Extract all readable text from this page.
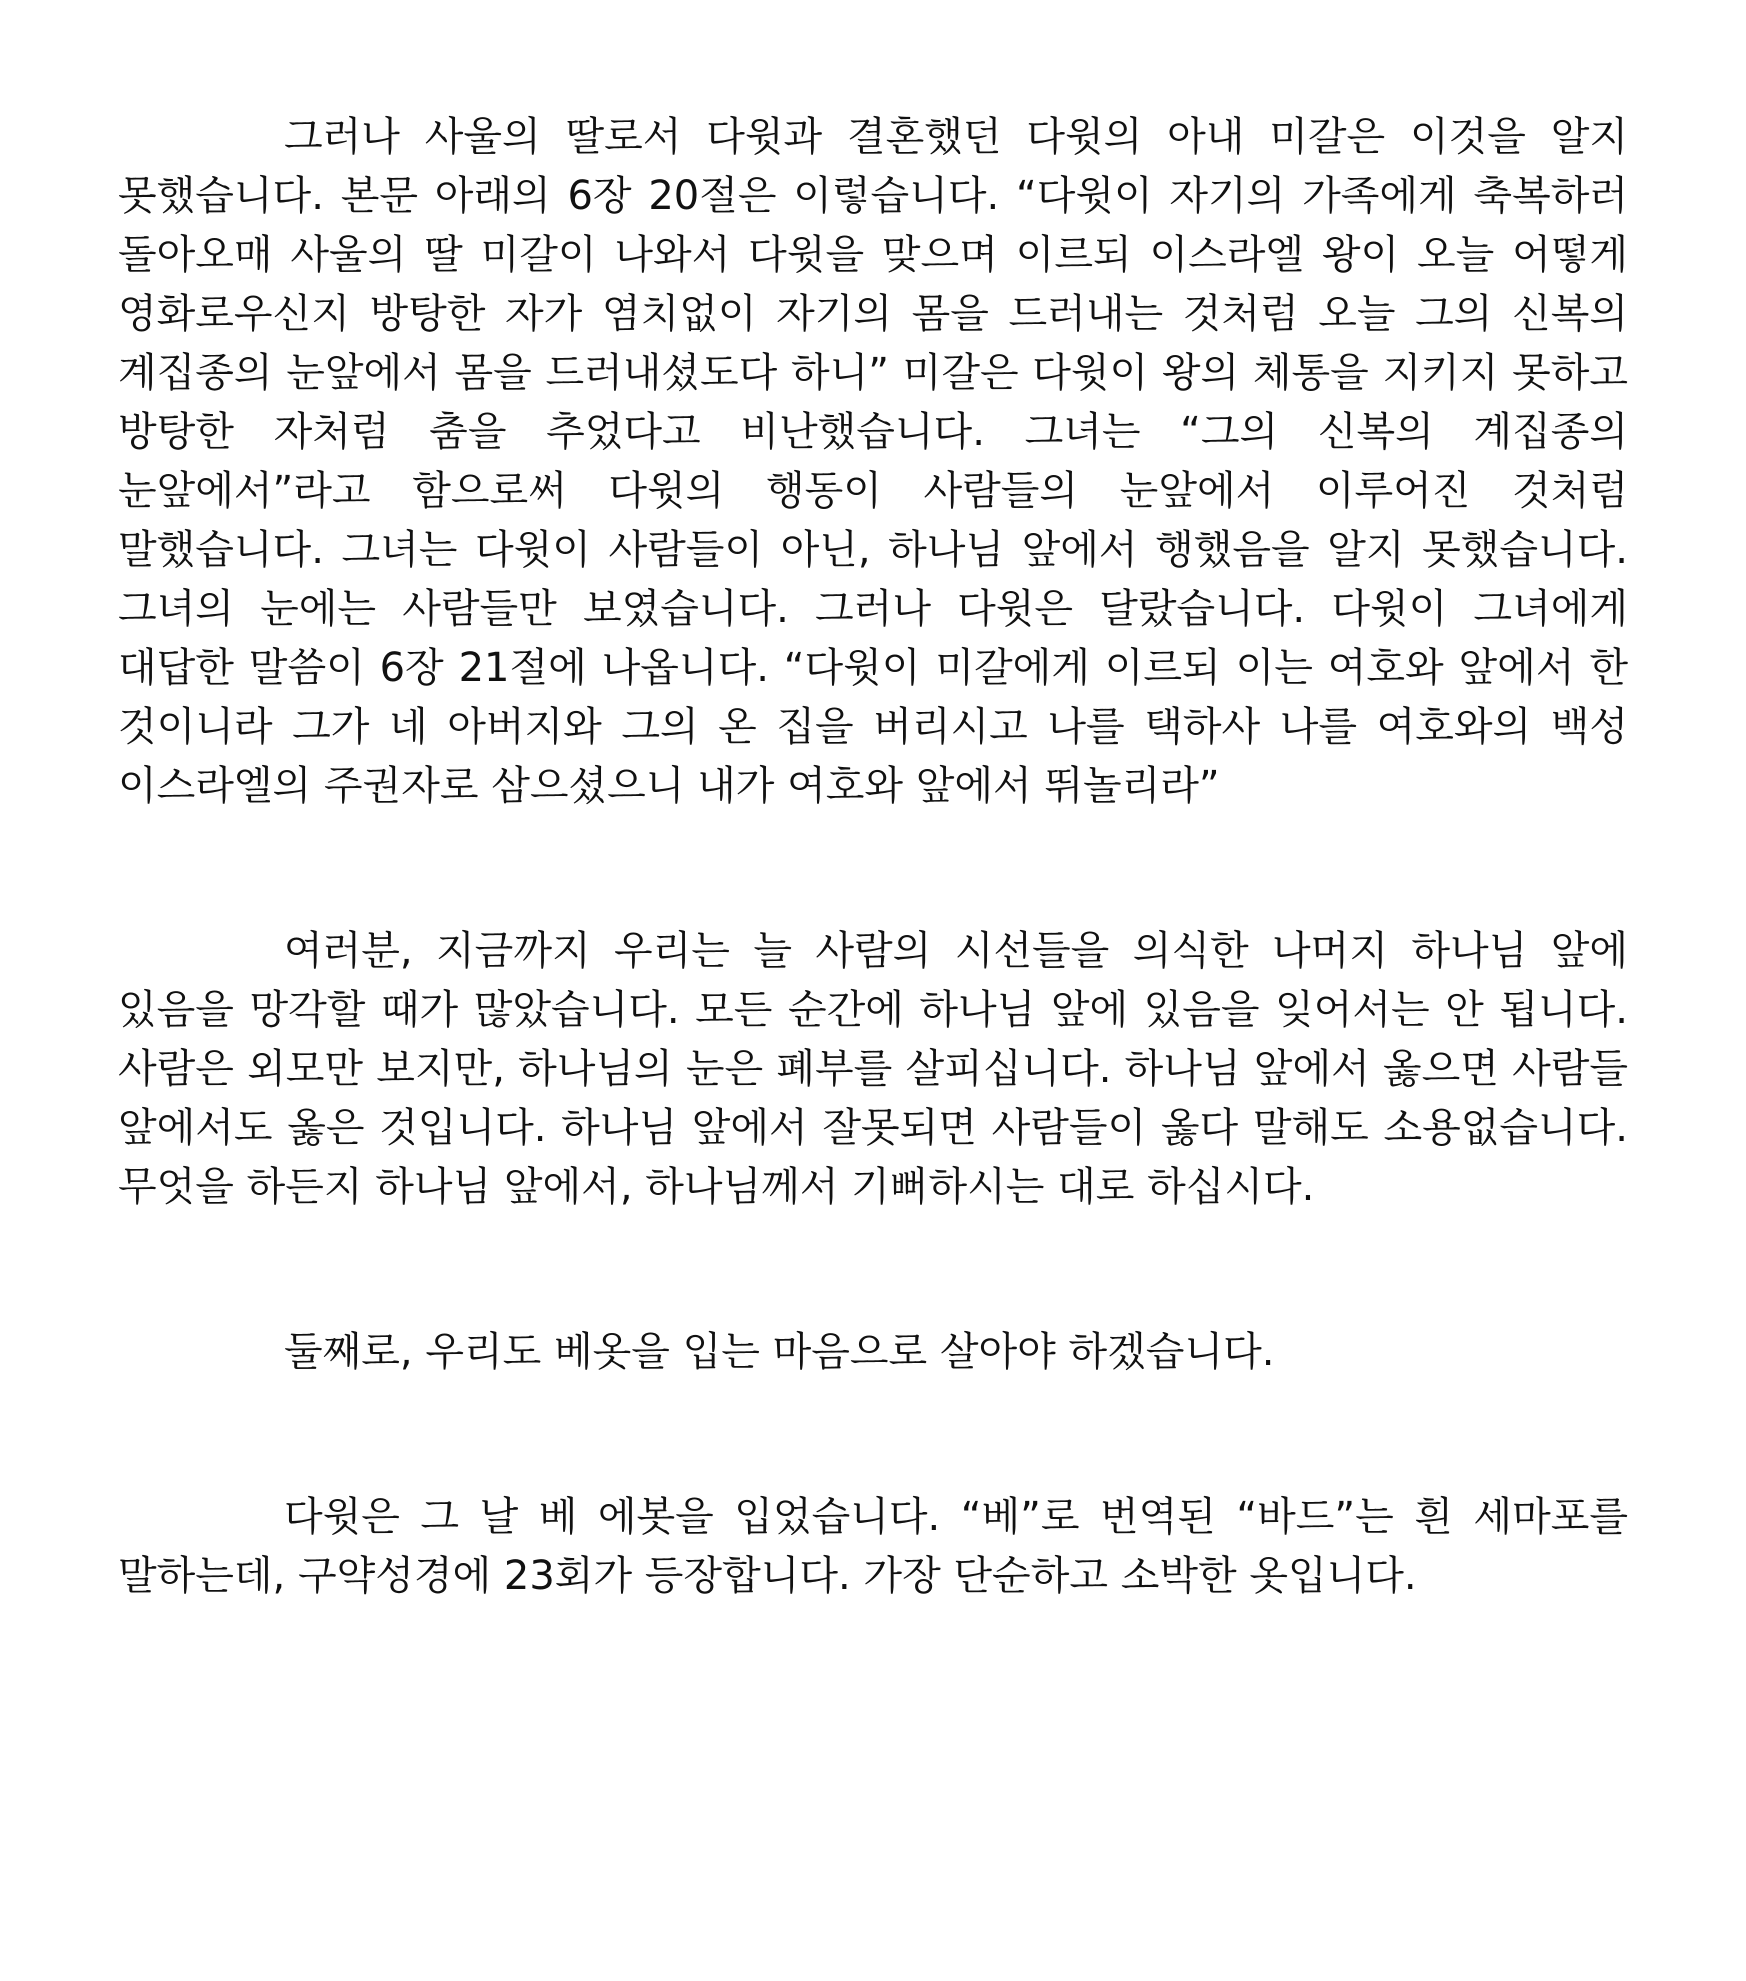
그러나 사울의 딸로서 다윗과 결혼했던 다윗의 아내 미갈은 이것을 알지 못했습니다. 본문 아래의 6장 20절은 이렇습니다. “다윗이 자기의 가족에게 축복하러 돌아오매 사울의 딸 미갈이 나와서 다윗을 맞으며 이르되 이스라엘 왕이 오늘 어떻게 영화로우신지 방탕한 자가 염치없이 자기의 몸을 드러내는 것처럼 오늘 그의 신복의 계집종의 눈앞에서 몸을 드러내셨도다 하니” 미갈은 다윗이 왕의 체통을 지키지 못하고 방탕한 자처럼 춤을 추었다고 비난했습니다. 그녀는 “그의 신복의 계집종의 눈앞에서”라고 함으로써 다윗의 행동이 사람들의 눈앞에서 이루어진 것처럼 말했습니다. 그녀는 다윗이 사람들이 아닌, 하나님 앞에서 행했음을 알지 못했습니다. 그녀의 눈에는 사람들만 보였습니다. 그러나 다윗은 달랐습니다. 다윗이 그녀에게 대답한 말씀이 6장 21절에 나옵니다. “다윗이 미갈에게 이르되 이는 여호와 앞에서 한 것이니라 그가 네 아버지와 그의 온 집을 버리시고 나를 택하사 나를 여호와의 백성 이스라엘의 주권자로 삼으셨으니 내가 여호와 앞에서 뛰놀리라”

여러분, 지금까지 우리는 늘 사람의 시선들을 의식한 나머지 하나님 앞에 있음을 망각할 때가 많았습니다. 모든 순간에 하나님 앞에 있음을 잊어서는 안 됩니다. 사람은 외모만 보지만, 하나님의 눈은 폐부를 살피십니다. 하나님 앞에서 옳으면 사람들 앞에서도 옳은 것입니다. 하나님 앞에서 잘못되면 사람들이 옳다 말해도 소용없습니다. 무엇을 하든지 하나님 앞에서, 하나님께서 기뻐하시는 대로 하십시다.

둘째로, 우리도 베옷을 입는 마음으로 살아야 하겠습니다.

다윗은 그 날 베 에봇을 입었습니다. “베”로 번역된 “바드”는 흰 세마포를 말하는데, 구약성경에 23회가 등장합니다. 가장 단순하고 소박한 옷입니다.
